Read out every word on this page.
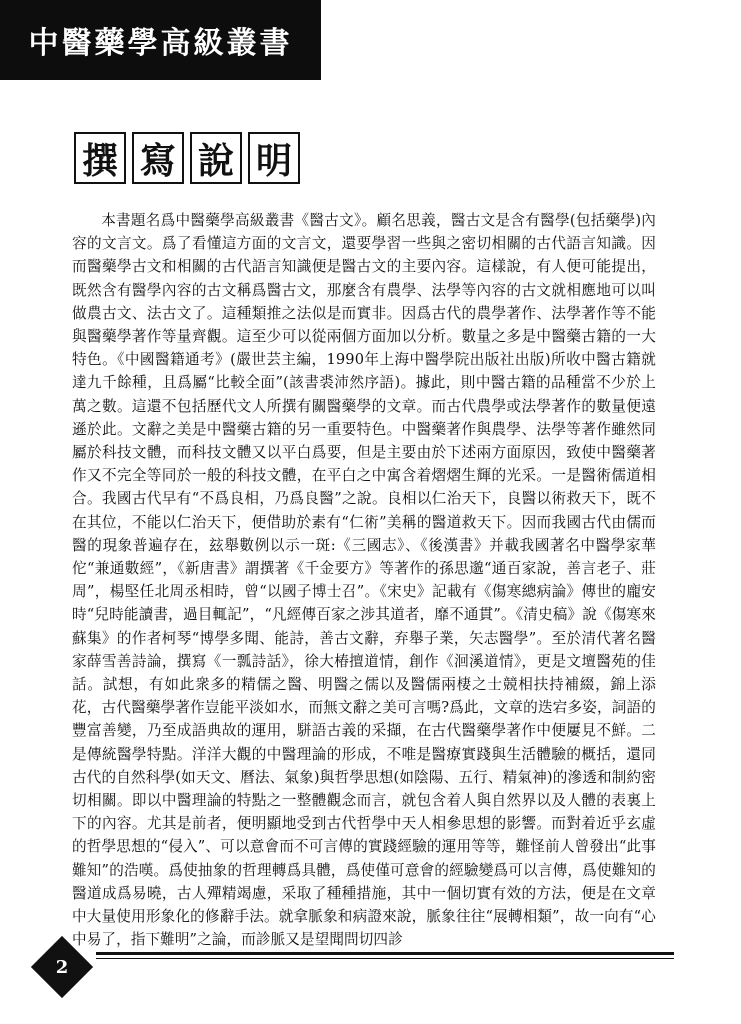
中醫藥學高級叢書
撰 寫 說 明

本書題名爲中醫藥學高級叢書《醫古文》。顧名思義，醫古文是含有醫學(包括藥學)內容的文言文。爲了看懂這方面的文言文，還要學習一些與之密切相關的古代語言知識。因而醫藥學古文和相關的古代語言知識便是醫古文的主要內容。這樣說，有人便可能提出，既然含有醫學內容的古文稱爲醫古文，那麼含有農學、法學等內容的古文就相應地可以叫做農古文、法古文了。這種類推之法似是而實非。因爲古代的農學著作、法學著作等不能與醫藥學著作等量齊觀。這至少可以從兩個方面加以分析。數量之多是中醫藥古籍的一大特色。《中國醫籍通考》(嚴世芸主編，1990年上海中醫學院出版社出版)所收中醫古籍就達九千餘種，且爲屬“比較全面”(該書裘沛然序語)。據此，則中醫古籍的品種當不少於上萬之數。這還不包括歷代文人所撰有關醫藥學的文章。而古代農學或法學著作的數量便遠遜於此。文辭之美是中醫藥古籍的另一重要特色。中醫藥著作與農學、法學等著作雖然同屬於科技文體，而科技文體又以平白爲要，但是主要由於下述兩方面原因，致使中醫藥著作又不完全等同於一般的科技文體，在平白之中寓含着熠熠生輝的光采。一是醫術儒道相合。我國古代早有“不爲良相，乃爲良醫”之說。良相以仁治天下，良醫以術救天下，既不在其位，不能以仁治天下，便借助於素有“仁術”美稱的醫道救天下。因而我國古代由儒而醫的現象普遍存在，玆舉數例以示一斑:《三國志》、《後漢書》并載我國著名中醫學家華佗“兼通數經”，《新唐書》謂撰著《千金要方》等著作的孫思邈“通百家說，善言老子、莊周”，楊堅任北周丞相時，曾“以國子博士召”。《宋史》記載有《傷寒總病論》傳世的龐安時“兒時能讀書，過目輒記”，“凡經傳百家之涉其道者，靡不通貫”。《清史稿》說《傷寒來蘇集》的作者柯琴“博學多聞、能詩，善古文辭，弃舉子業，矢志醫學”。至於清代著名醫家薛雪善詩論，撰寫《一瓢詩話》，徐大椿擅道情，創作《洄溪道情》，更是文壇醫苑的佳話。試想，有如此衆多的精儒之醫、明醫之儒以及醫儒兩棲之士競相扶持補綴，錦上添花，古代醫藥學著作豈能平淡如水，而無文辭之美可言嗎?爲此，文章的迭宕多姿，詞語的豐富善變，乃至成語典故的運用，駢語古義的采擷，在古代醫藥學著作中便屢見不鮮。二是傳統醫學特點。洋洋大觀的中醫理論的形成，不唯是醫療實踐與生活體驗的概括，還同古代的自然科學(如天文、曆法、氣象)與哲學思想(如陰陽、五行、精氣神)的滲透和制約密切相關。即以中醫理論的特點之一整體觀念而言，就包含着人與自然界以及人體的表裏上下的內容。尤其是前者，便明顯地受到古代哲學中天人相參思想的影響。而對着近乎玄虛的哲學思想的“侵入”、可以意會而不可言傳的實踐經驗的運用等等，難怪前人曾發出“此事難知”的浩嘆。爲使抽象的哲理轉爲具體，爲使僅可意會的經驗變爲可以言傳，爲使難知的醫道成爲易曉，古人殫精竭慮，采取了種種措施，其中一個切實有效的方法，便是在文章中大量使用形象化的修辭手法。就拿脈象和病證來說，脈象往往“展轉相類”，故一向有“心中易了，指下難明”之論，而診脈又是望聞問切四診

2
